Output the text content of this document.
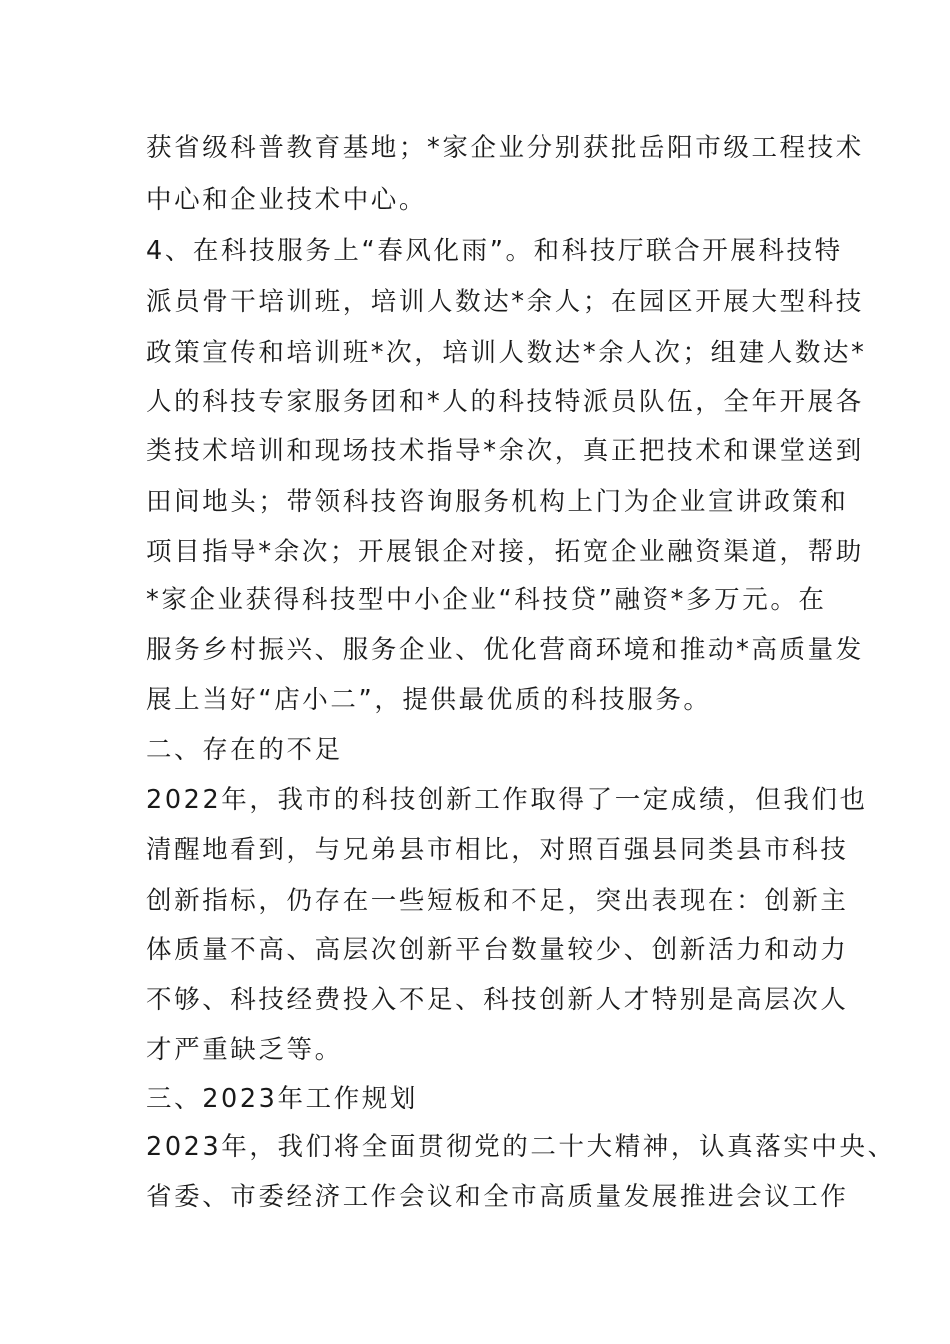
获省级科普教育基地；*家企业分别获批岳阳市级工程技术
中心和企业技术中心。
4、在科技服务上“春风化雨”。和科技厅联合开展科技特
派员骨干培训班，培训人数达*余人；在园区开展大型科技
政策宣传和培训班*次，培训人数达*余人次；组建人数达*
人的科技专家服务团和*人的科技特派员队伍，全年开展各
类技术培训和现场技术指导*余次，真正把技术和课堂送到
田间地头；带领科技咨询服务机构上门为企业宣讲政策和
项目指导*余次；开展银企对接，拓宽企业融资渠道，帮助
*家企业获得科技型中小企业“科技贷”融资*多万元。在
服务乡村振兴、服务企业、优化营商环境和推动*高质量发
展上当好“店小二”，提供最优质的科技服务。
二、存在的不足
2022年，我市的科技创新工作取得了一定成绩，但我们也
清醒地看到，与兄弟县市相比，对照百强县同类县市科技
创新指标，仍存在一些短板和不足，突出表现在：创新主
体质量不高、高层次创新平台数量较少、创新活力和动力
不够、科技经费投入不足、科技创新人才特别是高层次人
才严重缺乏等。
三、2023年工作规划
2023年，我们将全面贯彻党的二十大精神，认真落实中央、
省委、市委经济工作会议和全市高质量发展推进会议工作
